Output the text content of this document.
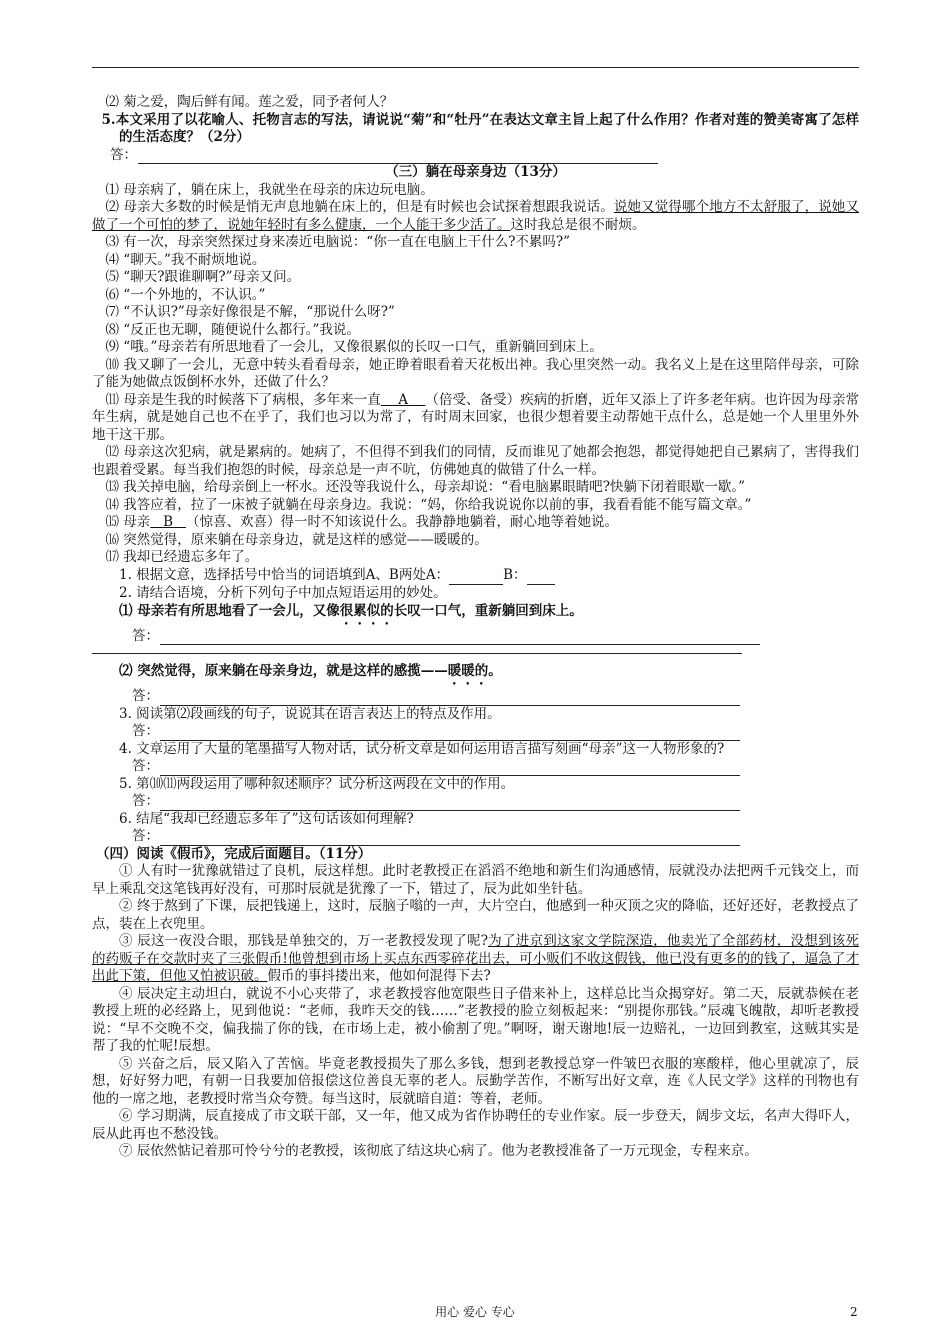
⑵ 菊之爱，陶后鲜有闻。莲之爱，同予者何人？

5.本文采用了以花喻人、托物言志的写法，请说说“菊”和“牡丹”在表达文章主旨上起了什么作用？作者对莲的赞美寄寓了怎样的生活态度？（2分）

答：

（三）躺在母亲身边（13分）

⑴ 母亲病了，躺在床上，我就坐在母亲的床边玩电脑。

⑵ 母亲大多数的时候是悄无声息地躺在床上的，但是有时候也会试探着想跟我说话。说她又觉得哪个地方不太舒服了，说她又做了一个可怕的梦了，说她年轻时有多么健康，一个人能干多少活了。这时我总是很不耐烦。

⑶ 有一次，母亲突然探过身来凑近电脑说：“你一直在电脑上干什么?不累吗?”

⑷ “聊天。”我不耐烦地说。

⑸ “聊天?跟谁聊啊?”母亲又问。

⑹ “一个外地的，不认识。”

⑺ “不认识?”母亲好像很是不解，“那说什么呀?”

⑻ “反正也无聊，随便说什么都行。”我说。

⑼ “哦。”母亲若有所思地看了一会儿，又像很累似的长叹一口气，重新躺回到床上。

⑽ 我又聊了一会儿，无意中转头看看母亲，她正睁着眼看着天花板出神。我心里突然一动。我名义上是在这里陪伴母亲，可除了能为她做点饭倒杯水外，还做了什么？

⑾ 母亲是生我的时候落下了病根，多年来一直 A （倍受、备受）疾病的折磨，近年又添上了许多老年病。也许因为母亲常年生病，就是她自己也不在乎了，我们也习以为常了，有时周末回家，也很少想着要主动帮她干点什么，总是她一个人里里外外地干这干那。

⑿ 母亲这次犯病，就是累病的。她病了，不但得不到我们的同情，反而谁见了她都会抱怨，都觉得她把自己累病了，害得我们也跟着受累。每当我们抱怨的时候，母亲总是一声不吭，仿佛她真的做错了什么一样。

⒀ 我关掉电脑，给母亲倒上一杯水。还没等我说什么，母亲却说：“看电脑累眼睛吧?快躺下闭着眼歇一歇。”

⒁ 我答应着，拉了一床被子就躺在母亲身边。我说：“妈，你给我说说你以前的事，我看看能不能写篇文章。”

⒂ 母亲 B （惊喜、欢喜）得一时不知该说什么。我静静地躺着，耐心地等着她说。

⒃ 突然觉得，原来躺在母亲身边，就是这样的感觉——暖暖的。

⒄ 我却已经遗忘多年了。

1. 根据文意，选择括号中恰当的词语填到A、B两处A：	B：

2. 请结合语境，分析下列句子中加点短语运用的妙处。

⑴ 母亲若有所思地看了一会儿，又像很累似的长叹一口气，重新躺回到床上。

答：

⑵ 突然觉得，原来躺在母亲身边，就是这样的感揽——暖暖的。

答：

3. 阅读第⑵段画线的句子，说说其在语言表达上的特点及作用。

答：

4. 文章运用了大量的笔墨描写人物对话，试分析文章是如何运用语言描写刻画“母亲”这一人物形象的?

答：

5. 第⑽⑾两段运用了哪种叙述顺序？试分析这两段在文中的作用。

答：

6. 结尾“我却已经遗忘多年了”这句话该如何理解?

答：

（四）阅读《假币》，完成后面题目。（11分）

① 人有时一犹豫就错过了良机，辰这样想。此时老教授正在滔滔不绝地和新生们沟通感情，辰就没办法把两千元钱交上，而早上乘乱交这笔钱再好没有，可那时辰就是犹豫了一下，错过了，辰为此如坐针毡。

② 终于熬到了下课，辰把钱递上，这时，辰脑子嗡的一声，大片空白，他感到一种灭顶之灾的降临，还好还好，老教授点了点，装在上衣兜里。

③ 辰这一夜没合眼，那钱是单独交的，万一老教授发现了呢?为了进京到这家文学院深造，他卖光了全部药材，没想到该死的药贩子在交款时夹了三张假币!他曾想到市场上买点东西零碎花出去，可小贩们不收这假钱，他已没有更多的的钱了，逼急了才出此下策，但他又怕被识破。假币的事抖搂出来，他如何混得下去?

④ 辰决定主动坦白，就说不小心夹带了，求老教授容他宽限些日子借来补上，这样总比当众揭穿好。第二天，辰就恭候在老教授上班的必经路上，见到他说：“老师，我昨天交的钱……”老教授的脸立刻板起来：“别提你那钱。”辰魂飞魄散，却听老教授说：“早不交晚不交，偏我揣了你的钱，在市场上走，被小偷割了兜。”啊呀，谢天谢地!辰一边赔礼，一边回到教室，这贼其实是帮了我的忙呢!辰想。

⑤ 兴奋之后，辰又陷入了苦恼。毕竟老教授损失了那么多钱，想到老教授总穿一件皱巴衣服的寒酸样，他心里就凉了，辰想，好好努力吧，有朝一日我要加倍报偿这位善良无辜的老人。辰勤学苦作，不断写出好文章，连《人民文学》这样的刊物也有他的一席之地，老教授时常当众夸赞。每当这时，辰就暗自道：等着，老师。

⑥ 学习期满，辰直接成了市文联干部，又一年，他又成为省作协聘任的专业作家。辰一步登天，阔步文坛，名声大得吓人，辰从此再也不愁没钱。

⑦ 辰依然惦记着那可怜兮兮的老教授，该彻底了结这块心病了。他为老教授准备了一万元现金，专程来京。

用心 爱心 专心	2
